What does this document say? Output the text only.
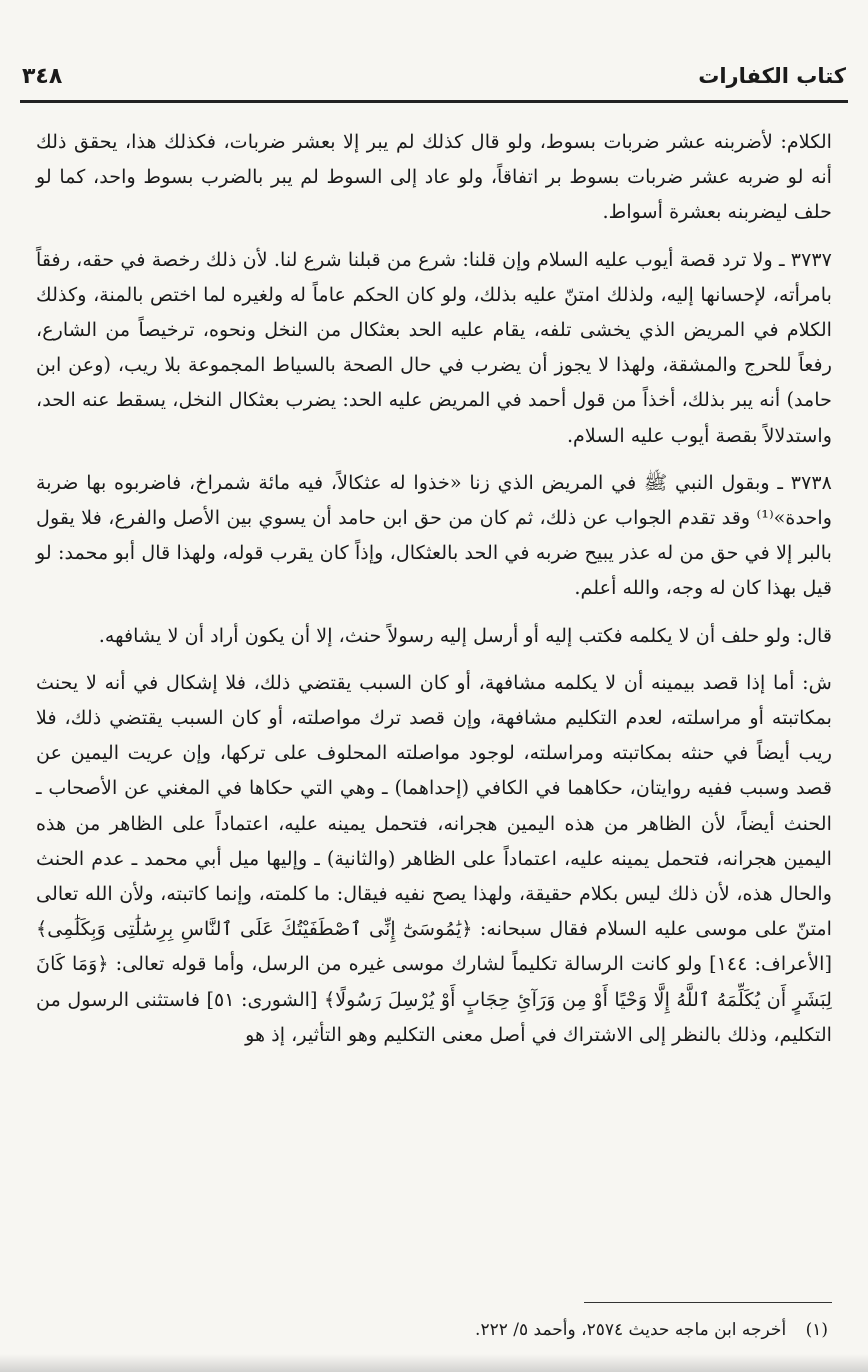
كتاب الكفارات
٣٤٨

الكلام: لأضربنه عشر ضربات بسوط، ولو قال كذلك لم يبر إلا بعشر ضربات، فكذلك هذا، يحقق ذلك أنه لو ضربه عشر ضربات بسوط بر اتفاقاً، ولو عاد إلى السوط لم يبر بالضرب بسوط واحد، كما لو حلف ليضربنه بعشرة أسواط.

٣٧٣٧ ـ ولا ترد قصة أيوب عليه السلام وإن قلنا: شرع من قبلنا شرع لنا. لأن ذلك رخصة في حقه، رفقاً بامرأته، لإحسانها إليه، ولذلك امتنّ عليه بذلك، ولو كان الحكم عاماً له ولغيره لما اختص بالمنة، وكذلك الكلام في المريض الذي يخشى تلفه، يقام عليه الحد بعثكال من النخل ونحوه، ترخيصاً من الشارع، رفعاً للحرج والمشقة، ولهذا لا يجوز أن يضرب في حال الصحة بالسياط المجموعة بلا ريب، (وعن ابن حامد) أنه يبر بذلك، أخذاً من قول أحمد في المريض عليه الحد: يضرب بعثكال النخل، يسقط عنه الحد، واستدلالاً بقصة أيوب عليه السلام.

٣٧٣٨ ـ وبقول النبي ﷺ في المريض الذي زنا «خذوا له عثكالاً، فيه مائة شمراخ، فاضربوه بها ضربة واحدة»⁽¹⁾ وقد تقدم الجواب عن ذلك، ثم كان من حق ابن حامد أن يسوي بين الأصل والفرع، فلا يقول بالبر إلا في حق من له عذر يبيح ضربه في الحد بالعثكال، وإذاً كان يقرب قوله، ولهذا قال أبو محمد: لو قيل بهذا كان له وجه، والله أعلم.

قال: ولو حلف أن لا يكلمه فكتب إليه أو أرسل إليه رسولاً حنث، إلا أن يكون أراد أن لا يشافهه.

ش: أما إذا قصد بيمينه أن لا يكلمه مشافهة، أو كان السبب يقتضي ذلك، فلا إشكال في أنه لا يحنث بمكاتبته أو مراسلته، لعدم التكليم مشافهة، وإن قصد ترك مواصلته، أو كان السبب يقتضي ذلك، فلا ريب أيضاً في حنثه بمكاتبته ومراسلته، لوجود مواصلته المحلوف على تركها، وإن عريت اليمين عن قصد وسبب ففيه روايتان، حكاهما في الكافي (إحداهما) ـ وهي التي حكاها في المغني عن الأصحاب ـ الحنث أيضاً، لأن الظاهر من هذه اليمين هجرانه، فتحمل يمينه عليه، اعتماداً على الظاهر من هذه اليمين هجرانه، فتحمل يمينه عليه، اعتماداً على الظاهر (والثانية) ـ وإليها ميل أبي محمد ـ عدم الحنث والحال هذه، لأن ذلك ليس بكلام حقيقة، ولهذا يصح نفيه فيقال: ما كلمته، وإنما كاتبته، ولأن الله تعالى امتنّ على موسى عليه السلام فقال سبحانه: ﴿يَٰمُوسَىٰٓ إِنِّى ٱصْطَفَيْتُكَ عَلَى ٱلنَّاسِ بِرِسَٰلَٰتِى وَبِكَلَٰمِى﴾ [الأعراف: ١٤٤] ولو كانت الرسالة تكليماً لشارك موسى غيره من الرسل، وأما قوله تعالى: ﴿وَمَا كَانَ لِبَشَرٍ أَن يُكَلِّمَهُ ٱللَّهُ إِلَّا وَحْيًا أَوْ مِن وَرَآئِ حِجَابٍ أَوْ يُرْسِلَ رَسُولًا﴾ [الشورى: ٥١] فاستثنى الرسول من التكليم، وذلك بالنظر إلى الاشتراك في أصل معنى التكليم وهو التأثير، إذ هو

(١) أخرجه ابن ماجه حديث ٢٥٧٤، وأحمد ٥/ ٢٢٢.
